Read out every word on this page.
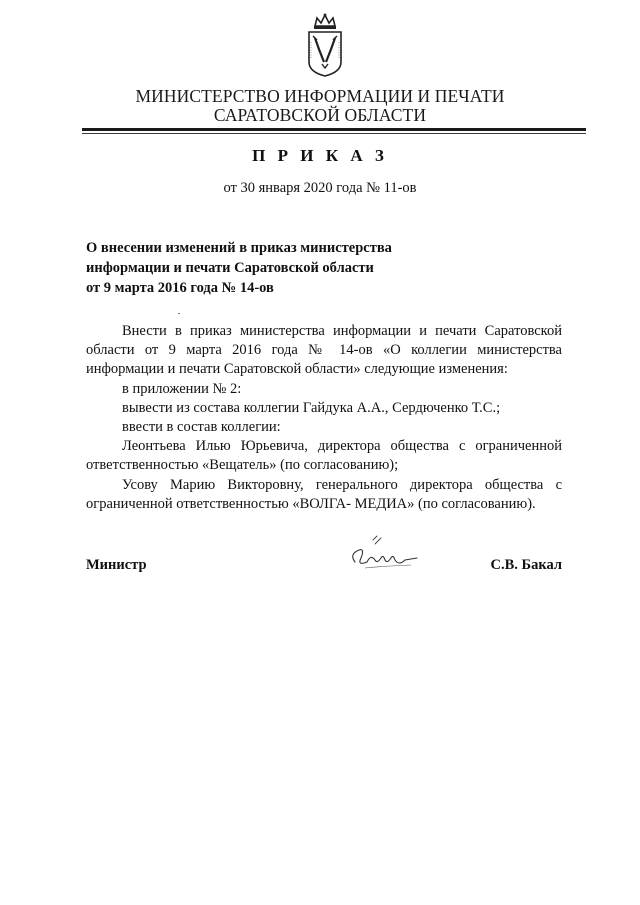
МИНИСТЕРСТВО ИНФОРМАЦИИ И ПЕЧАТИ
САРАТОВСКОЙ ОБЛАСТИ
П Р И К А З
от 30 января 2020 года № 11-ов
О внесении изменений в приказ министерства
информации и печати Саратовской области
от 9 марта 2016 года № 14-ов
Внести в приказ министерства информации и печати Саратовской
области от 9 марта 2016 года № 14-ов «О коллегии министерства
информации и печати Саратовской области» следующие изменения:
в приложении № 2:
вывести из состава коллегии Гайдука А.А., Сердюченко Т.С.;
ввести в состав коллегии:
Леонтьева Илью Юрьевича, директора общества с ограниченной
ответственностью «Вещатель» (по согласованию);
Усову Марию Викторовну, генерального директора общества с
ограниченной ответственностью «ВОЛГА- МЕДИА» (по согласованию).
Министр	С.В. Бакал
